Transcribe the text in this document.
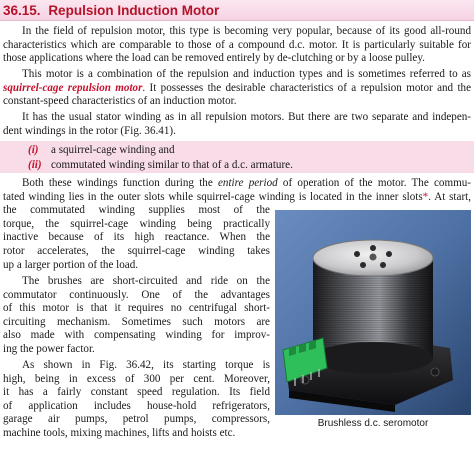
36.15. Repulsion Induction Motor
In the field of repulsion motor, this type is becoming very popular, because of its good all-round
characteristics which are comparable to those of a compound d.c. motor. It is particularly suitable for
those applications where the load can be removed entirely by de-clutching or by a loose pulley.
This motor is a combination of the repulsion and induction types and is sometimes referred to as
squirrel-cage repulsion motor. It possesses the desirable characteristics of a repulsion motor and the
constant-speed characteristics of an induction motor.
It has the usual stator winding as in all repulsion motors. But there are two separate and indepen-
dent windings in the rotor (Fig. 36.41).
(i) a squirrel-cage winding and
(ii) commutated winding similar to that of a d.c. armature.
Both these windings function during the entire period of operation of the motor. The commu-
tated winding lies in the outer slots while squirrel-cage winding is located in the inner slots*. At start,
the commutated winding supplies most of the
torque, the squirrel-cage winding being practically
inactive because of its high reactance. When the
rotor accelerates, the squirrel-cage winding takes
up a larger portion of the load.
The brushes are short-circuited and ride on the
commutator continuously. One of the advantages
of this motor is that it requires no centrifugal short-
circuiting mechanism. Sometimes such motors are
also made with compensating winding for improv-
ing the power factor.
As shown in Fig. 36.42, its starting torque is
high, being in excess of 300 per cent. Moreover,
it has a fairly constant speed regulation. Its field
of application includes house-hold refrigerators,
garage air pumps, petrol pumps, compressors,
machine tools, mixing machines, lifts and hoists etc.
Brushless d.c. seromotor
